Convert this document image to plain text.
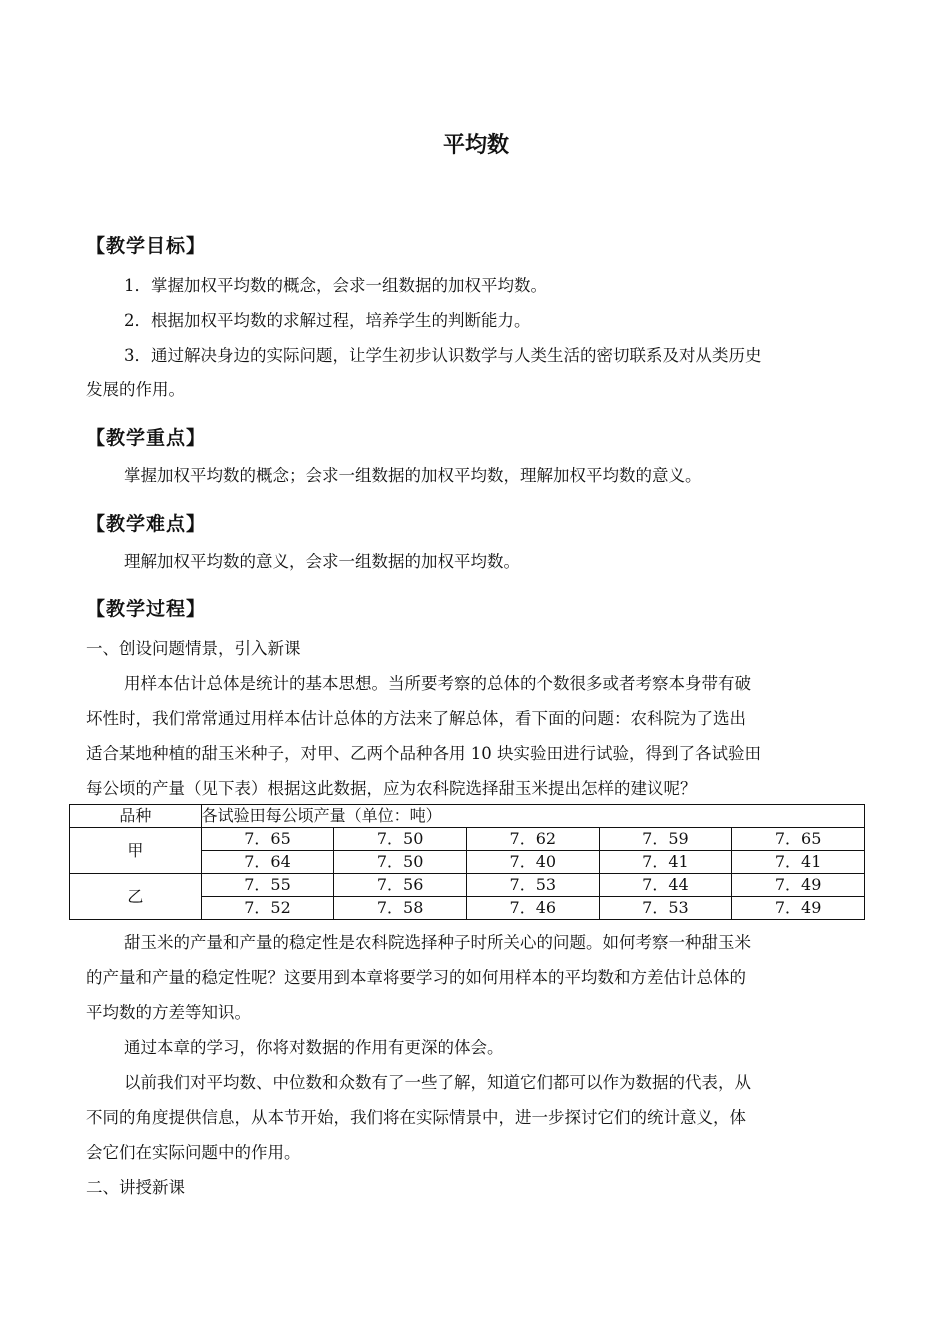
平均数
【教学目标】
1．掌握加权平均数的概念，会求一组数据的加权平均数。
2．根据加权平均数的求解过程，培养学生的判断能力。
3．通过解决身边的实际问题，让学生初步认识数学与人类生活的密切联系及对从类历史
发展的作用。
【教学重点】
掌握加权平均数的概念；会求一组数据的加权平均数，理解加权平均数的意义。
【教学难点】
理解加权平均数的意义，会求一组数据的加权平均数。
【教学过程】
一、创设问题情景，引入新课
用样本估计总体是统计的基本思想。当所要考察的总体的个数很多或者考察本身带有破
坏性时，我们常常通过用样本估计总体的方法来了解总体，看下面的问题：农科院为了选出
适合某地种植的甜玉米种子，对甲、乙两个品种各用 10 块实验田进行试验，得到了各试验田
每公顷的产量（见下表）根据这此数据，应为农科院选择甜玉米提出怎样的建议呢？
品种	各试验田每公顷产量（单位：吨）				
甲	7．65	7．50	7．62	7．59	7．65
	7．64	7．50	7．40	7．41	7．41
乙	7．55	7．56	7．53	7．44	7．49
	7．52	7．58	7．46	7．53	7．49
甜玉米的产量和产量的稳定性是农科院选择种子时所关心的问题。如何考察一种甜玉米
的产量和产量的稳定性呢？这要用到本章将要学习的如何用样本的平均数和方差估计总体的
平均数的方差等知识。
通过本章的学习，你将对数据的作用有更深的体会。
以前我们对平均数、中位数和众数有了一些了解，知道它们都可以作为数据的代表，从
不同的角度提供信息，从本节开始，我们将在实际情景中，进一步探讨它们的统计意义，体
会它们在实际问题中的作用。
二、讲授新课
